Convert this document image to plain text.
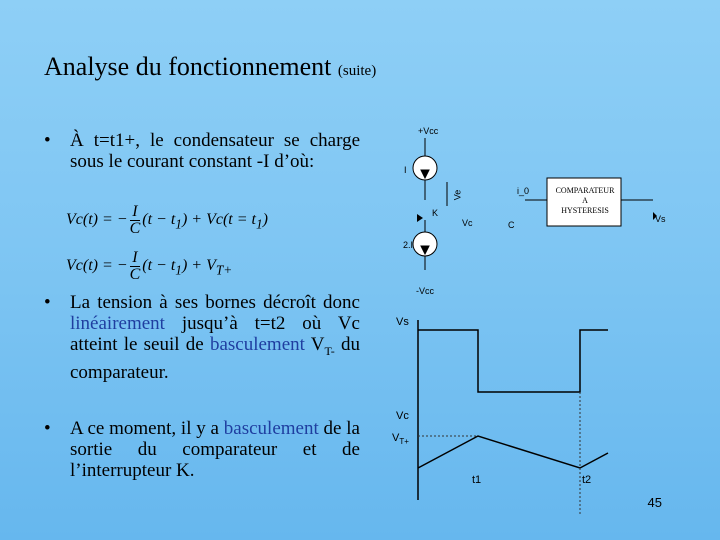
Analyse du fonctionnement (suite)
• À t=t1+, le condensateur se charge sous le courant constant -I d’où:
Vc(t) = − $\frac{I}{C} (t - t_1) + Vc(t = t_1)$
Vc(t) = − $\frac{I}{C} (t - t_1) + V_{T+}$
• La tension à ses bornes décroît donc linéairement jusqu’à t=t2 où Vc atteint le seuil de basculement $V_{T-}$ du comparateur.
• A ce moment, il y a basculement de la sortie du comparateur et de l’interrupteur K.
+Vcc
I
K
Vc	C
2.I
-Vcc
i_0
Ve
Vs
COMPARATEUR
A
HYSTERESIS
Vs
Vc
$V_{T+}$
t1	t2
45
